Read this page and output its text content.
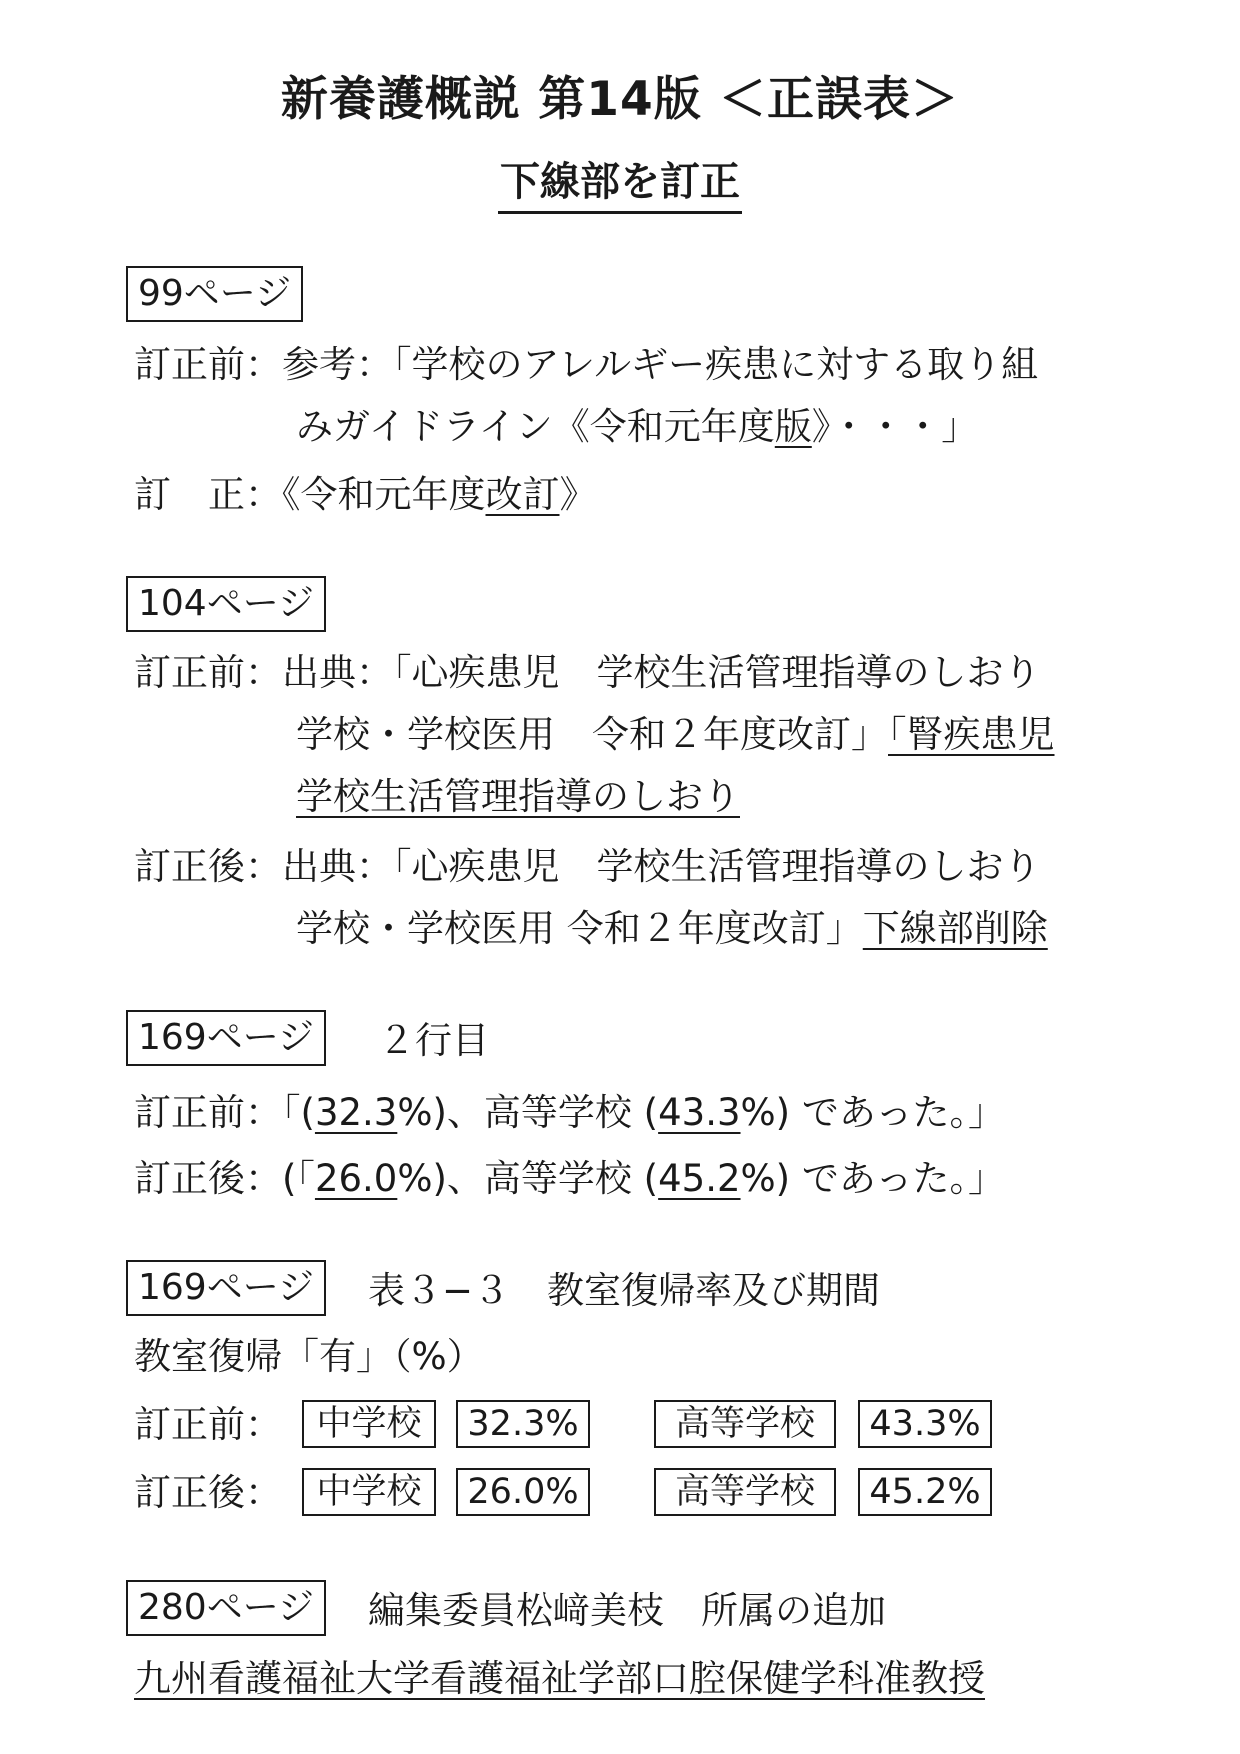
新養護概説 第14版 ＜正誤表＞
下線部を訂正
99ページ
訂正前：参考：「学校のアレルギー疾患に対する取り組
みガイドライン《令和元年度版》・・・」
訂　正：《令和元年度改訂》
104ページ
訂正前：出典：「心疾患児　学校生活管理指導のしおり
学校・学校医用　令和２年度改訂」「腎疾患児
学校生活管理指導のしおり
訂正後：出典：「心疾患児　学校生活管理指導のしおり
学校・学校医用 令和２年度改訂」下線部削除
169ページ	２行目
訂正前：「(32.3%)、高等学校 (43.3%) であった。」
訂正後：(「26.0%)、高等学校 (45.2%) であった。」
169ページ	表３−３　教室復帰率及び期間
教室復帰「有」（%）
訂正前： 中学校	32.3%	高等学校	43.3%
訂正後： 中学校	26.0%	高等学校	45.2%
280ページ	編集委員松﨑美枝　所属の追加
九州看護福祉大学看護福祉学部口腔保健学科准教授
